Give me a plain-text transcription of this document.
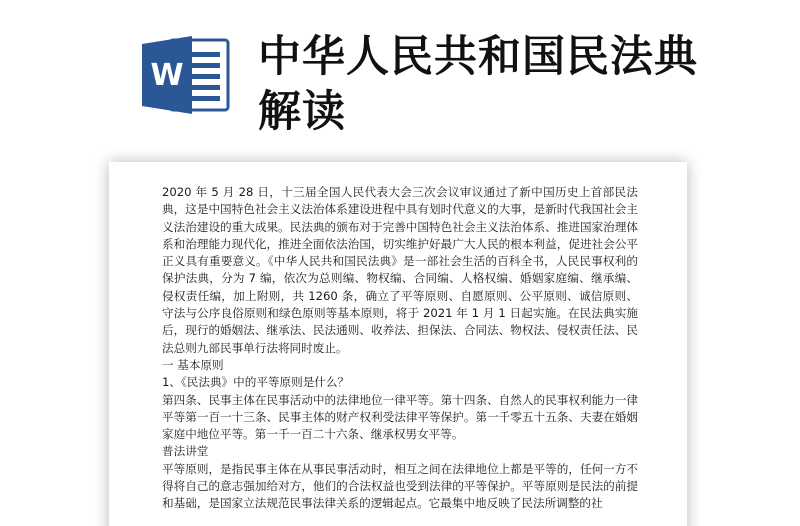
W 中华人民共和国民法典解读

2020 年 5 月 28 日，十三届全国人民代表大会三次会议审议通过了新中国历史上首部民法典，这是中国特色社会主义法治体系建设进程中具有划时代意义的大事，是新时代我国社会主义法治建设的重大成果。民法典的颁布对于完善中国特色社会主义法治体系、推进国家治理体系和治理能力现代化，推进全面依法治国，切实维护好最广大人民的根本利益，促进社会公平正义具有重要意义。《中华人民共和国民法典》是一部社会生活的百科全书，人民民事权利的保护法典，分为 7 编，依次为总则编、物权编、合同编、人格权编、婚姻家庭编、继承编、侵权责任编，加上附则，共 1260 条，确立了平等原则、自愿原则、公平原则、诚信原则、守法与公序良俗原则和绿色原则等基本原则，将于 2021 年 1 月 1 日起实施。在民法典实施后，现行的婚姻法、继承法、民法通则、收养法、担保法、合同法、物权法、侵权责任法、民法总则九部民事单行法将同时废止。

一 基本原则

1、《民法典》中的平等原则是什么？

第四条、民事主体在民事活动中的法律地位一律平等。第十四条、自然人的民事权利能力一律平等第一百一十三条、民事主体的财产权利受法律平等保护。第一千零五十五条、夫妻在婚姻家庭中地位平等。第一千一百二十六条、继承权男女平等。

普法讲堂

平等原则，是指民事主体在从事民事活动时，相互之间在法律地位上都是平等的，任何一方不得将自己的意志强加给对方，他们的合法权益也受到法律的平等保护。平等原则是民法的前提和基础，是国家立法规范民事法律关系的逻辑起点。它最集中地反映了民法所调整的社
